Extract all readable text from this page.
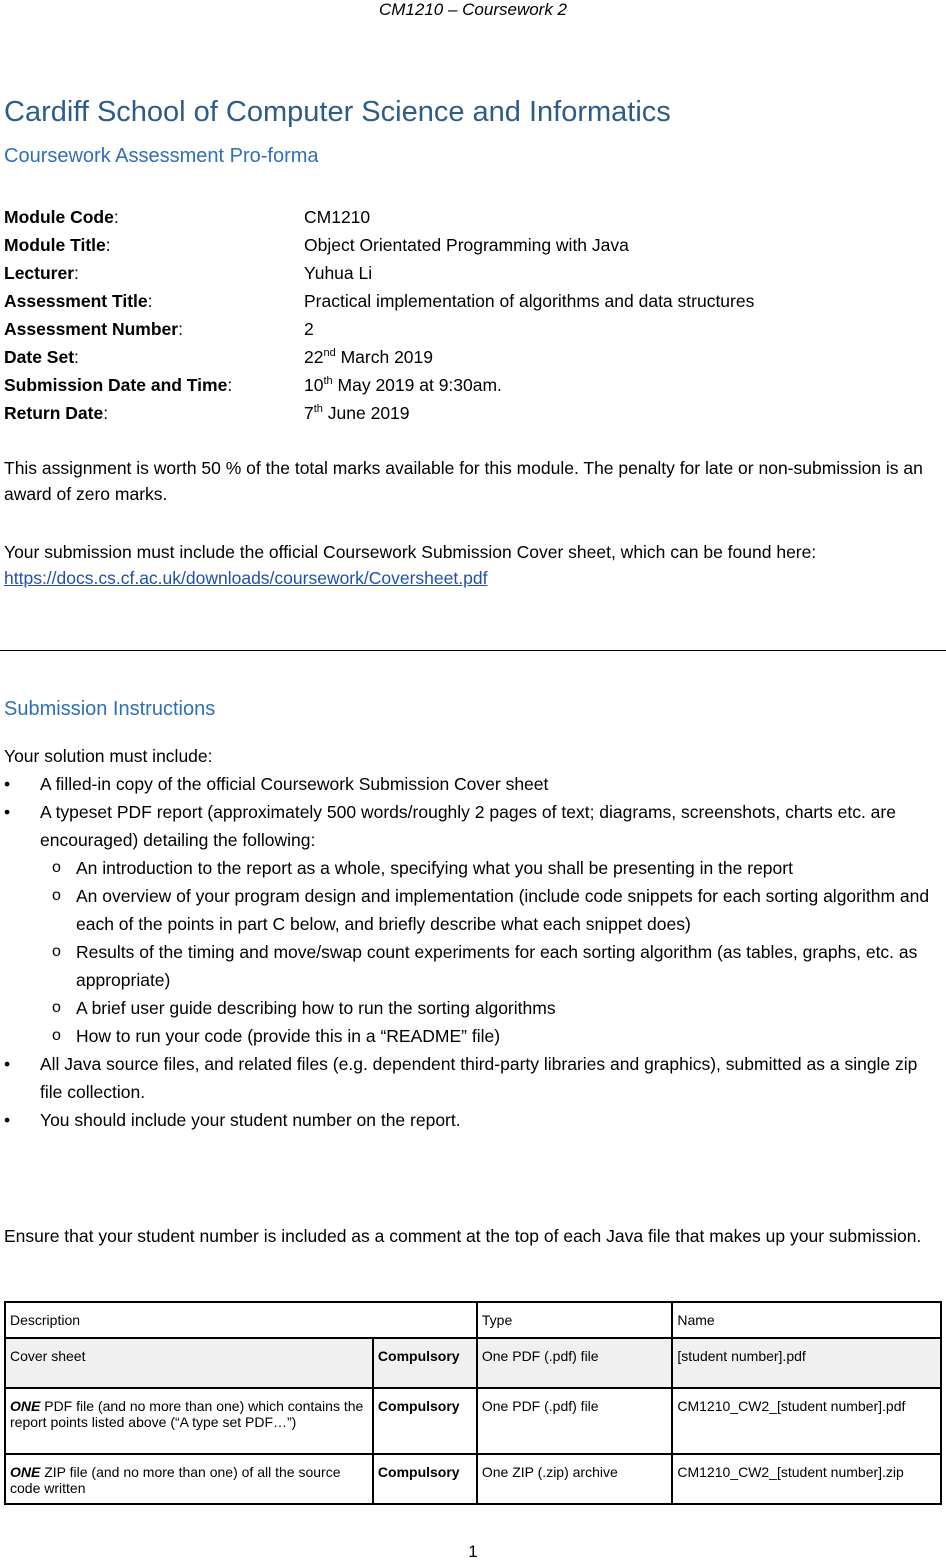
CM1210 – Coursework 2
Cardiff School of Computer Science and Informatics
Coursework Assessment Pro-forma
Module Code:	CM1210
Module Title:	Object Orientated Programming with Java
Lecturer:	Yuhua Li
Assessment Title:	Practical implementation of algorithms and data structures
Assessment Number:	2
Date Set:	22nd March 2019
Submission Date and Time:	10th May 2019 at 9:30am.
Return Date:	7th June 2019
This assignment is worth 50 % of the total marks available for this module. The penalty for late or non-submission is an award of zero marks.
Your submission must include the official Coursework Submission Cover sheet, which can be found here:
https://docs.cs.cf.ac.uk/downloads/coursework/Coversheet.pdf
Submission Instructions
Your solution must include:
• A filled-in copy of the official Coursework Submission Cover sheet
• A typeset PDF report (approximately 500 words/roughly 2 pages of text; diagrams, screenshots, charts etc. are encouraged) detailing the following:
o An introduction to the report as a whole, specifying what you shall be presenting in the report
o An overview of your program design and implementation (include code snippets for each sorting algorithm and each of the points in part C below, and briefly describe what each snippet does)
o Results of the timing and move/swap count experiments for each sorting algorithm (as tables, graphs, etc. as appropriate)
o A brief user guide describing how to run the sorting algorithms
o How to run your code (provide this in a “README” file)
• All Java source files, and related files (e.g. dependent third-party libraries and graphics), submitted as a single zip file collection.
• You should include your student number on the report.
Ensure that your student number is included as a comment at the top of each Java file that makes up your submission.
Description		Type	Name
Cover sheet	Compulsory	One PDF (.pdf) file	[student number].pdf
ONE PDF file (and no more than one) which contains the report points listed above (“A type set PDF…”)	Compulsory	One PDF (.pdf) file	CM1210_CW2_[student number].pdf
ONE ZIP file (and no more than one) of all the source code written	Compulsory	One ZIP (.zip) archive	CM1210_CW2_[student number].zip
1
